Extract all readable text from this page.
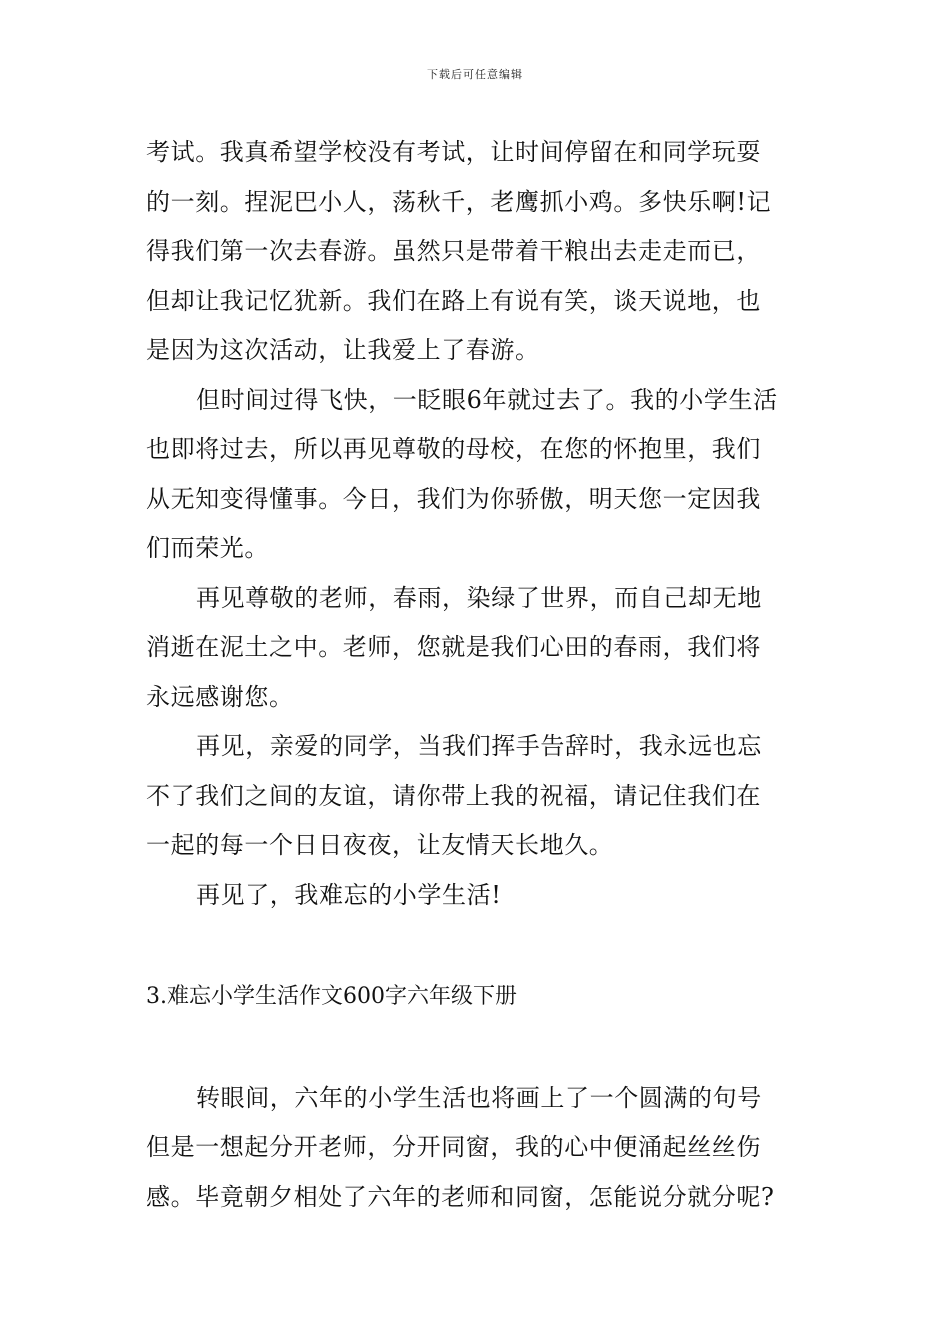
下载后可任意编辑
考试。我真希望学校没有考试，让时间停留在和同学玩耍
的一刻。捏泥巴小人，荡秋千，老鹰抓小鸡。多快乐啊!记
得我们第一次去春游。虽然只是带着干粮出去走走而已，
但却让我记忆犹新。我们在路上有说有笑，谈天说地，也
是因为这次活动，让我爱上了春游。
但时间过得飞快，一眨眼6年就过去了。我的小学生活
也即将过去，所以再见尊敬的母校，在您的怀抱里，我们
从无知变得懂事。今日，我们为你骄傲，明天您一定因我
们而荣光。
再见尊敬的老师，春雨，染绿了世界，而自己却无地
消逝在泥土之中。老师，您就是我们心田的春雨，我们将
永远感谢您。
再见，亲爱的同学，当我们挥手告辞时，我永远也忘
不了我们之间的友谊，请你带上我的祝福，请记住我们在
一起的每一个日日夜夜，让友情天长地久。
再见了，我难忘的小学生活!
3.难忘小学生活作文600字六年级下册
转眼间，六年的小学生活也将画上了一个圆满的句号
但是一想起分开老师，分开同窗，我的心中便涌起丝丝伤
感。毕竟朝夕相处了六年的老师和同窗，怎能说分就分呢?
